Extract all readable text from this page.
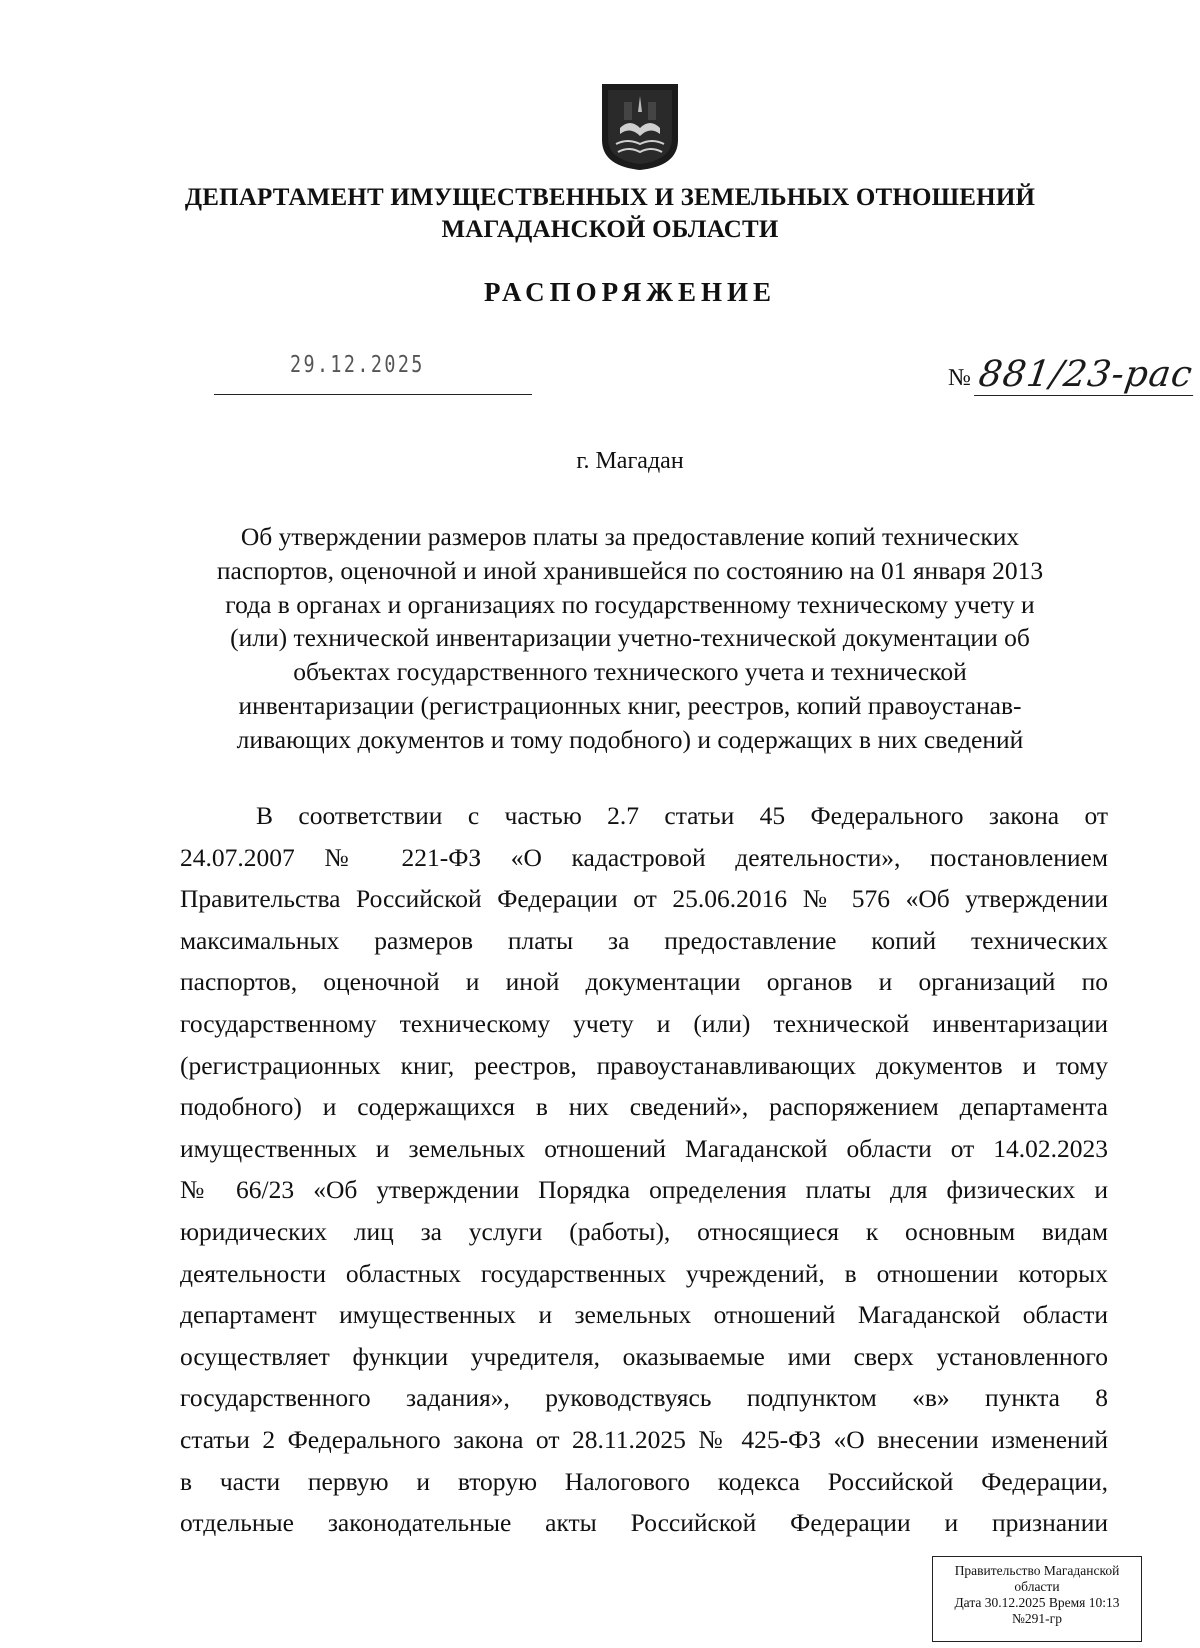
ДЕПАРТАМЕНТ ИМУЩЕСТВЕННЫХ И ЗЕМЕЛЬНЫХ ОТНОШЕНИЙ
МАГАДАНСКОЙ ОБЛАСТИ
РАСПОРЯЖЕНИЕ
29.12.2025	№ 881/23-рас
г. Магадан
Об утверждении размеров платы за предоставление копий технических
паспортов, оценочной и иной хранившейся по состоянию на 01 января 2013
года в органах и организациях по государственному техническому учету и
(или) технической инвентаризации учетно-технической документации об
объектах государственного технического учета и технической
инвентаризации (регистрационных книг, реестров, копий правоустанав-
ливающих документов и тому подобного) и содержащих в них сведений
В соответствии с частью 2.7 статьи 45 Федерального закона от
24.07.2007 № 221-ФЗ «О кадастровой деятельности», постановлением
Правительства Российской Федерации от 25.06.2016 № 576 «Об утверждении
максимальных размеров платы за предоставление копий технических
паспортов, оценочной и иной документации органов и организаций по
государственному техническому учету и (или) технической инвентаризации
(регистрационных книг, реестров, правоустанавливающих документов и тому
подобного) и содержащихся в них сведений», распоряжением департамента
имущественных и земельных отношений Магаданской области от 14.02.2023
№ 66/23 «Об утверждении Порядка определения платы для физических и
юридических лиц за услуги (работы), относящиеся к основным видам
деятельности областных государственных учреждений, в отношении которых
департамент имущественных и земельных отношений Магаданской области
осуществляет функции учредителя, оказываемые ими сверх установленного
государственного задания», руководствуясь подпунктом «в» пункта 8
статьи 2 Федерального закона от 28.11.2025 № 425-ФЗ «О внесении изменений
в части первую и вторую Налогового кодекса Российской Федерации,
отдельные законодательные акты Российской Федерации и признании
Правительство Магаданской
области
Дата 30.12.2025 Время 10:13
№291-гр
